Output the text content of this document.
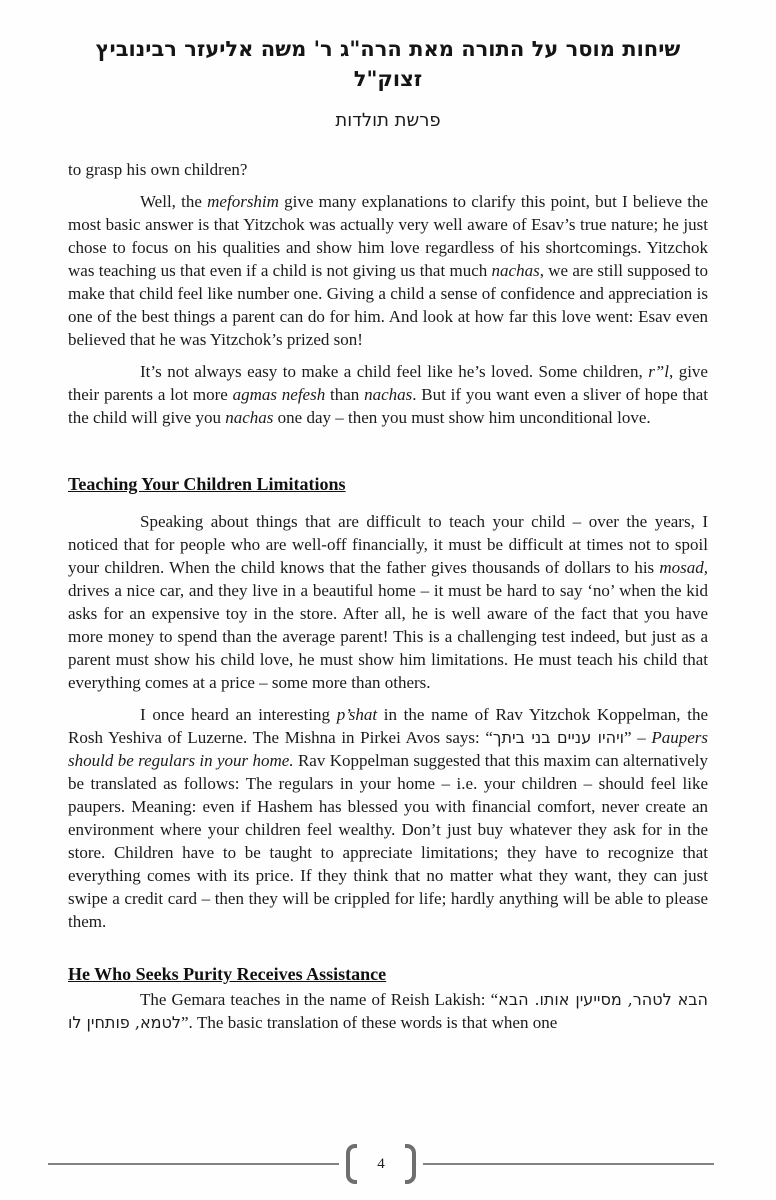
שיחות מוסר על התורה מאת הרה"ג ר' משה אליעזר רבינוביץ זצוק"ל
פרשת תולדות

to grasp his own children?

Well, the meforshim give many explanations to clarify this point, but I believe the most basic answer is that Yitzchok was actually very well aware of Esav’s true nature; he just chose to focus on his qualities and show him love regardless of his shortcomings. Yitzchok was teaching us that even if a child is not giving us that much nachas, we are still supposed to make that child feel like number one. Giving a child a sense of confidence and appreciation is one of the best things a parent can do for him. And look at how far this love went: Esav even believed that he was Yitzchok’s prized son!

It’s not always easy to make a child feel like he’s loved. Some children, r”l, give their parents a lot more agmas nefesh than nachas. But if you want even a sliver of hope that the child will give you nachas one day – then you must show him unconditional love.

Teaching Your Children Limitations

Speaking about things that are difficult to teach your child – over the years, I noticed that for people who are well-off financially, it must be difficult at times not to spoil your children. When the child knows that the father gives thousands of dollars to his mosad, drives a nice car, and they live in a beautiful home – it must be hard to say ‘no’ when the kid asks for an expensive toy in the store. After all, he is well aware of the fact that you have more money to spend than the average parent! This is a challenging test indeed, but just as a parent must show his child love, he must show him limitations. He must teach his child that everything comes at a price – some more than others.

I once heard an interesting p’shat in the name of Rav Yitzchok Koppelman, the Rosh Yeshiva of Luzerne. The Mishna in Pirkei Avos says: “ויהיו עניים בני ביתך” – Paupers should be regulars in your home. Rav Koppelman suggested that this maxim can alternatively be translated as follows: The regulars in your home – i.e. your children – should feel like paupers. Meaning: even if Hashem has blessed you with financial comfort, never create an environment where your children feel wealthy. Don’t just buy whatever they ask for in the store. Children have to be taught to appreciate limitations; they have to recognize that everything comes with its price. If they think that no matter what they want, they can just swipe a credit card – then they will be crippled for life; hardly anything will be able to please them.

He Who Seeks Purity Receives Assistance

The Gemara teaches in the name of Reish Lakish: “הבא לטהר, מסייעין אותו. הבא לטמא, פותחין לו”. The basic translation of these words is that when one

4
